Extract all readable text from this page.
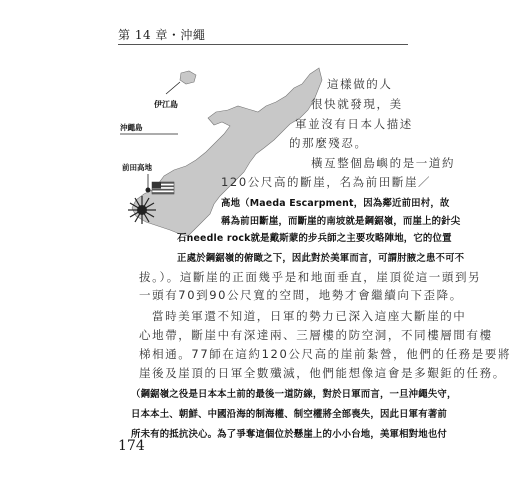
第 14 章・沖繩
伊江島
沖繩島
前田高地
這樣做的人
很快就發現，美
軍並沒有日本人描述
的那麼殘忍。
橫亙整個島嶼的是一道約
120公尺高的斷崖，名為前田斷崖／
高地（Maeda Escarpment，因為鄰近前田村，故
稱為前田斷崖，而斷崖的南坡就是鋼鋸嶺，而崖上的針尖
石needle rock就是戴斯蒙的步兵師之主要攻略陣地，它的位置
正處於鋼鋸嶺的俯瞰之下，因此對於美軍而言，可謂肘腋之患不可不
拔。）。這斷崖的正面幾乎是和地面垂直，崖頂從這一頭到另
一頭有70到90公尺寬的空間，地勢才會繼續向下歪降。
當時美軍還不知道，日軍的勢力已深入這座大斷崖的中
心地帶，斷崖中有深達兩、三層樓的防空洞，不同樓層間有樓
梯相通。77師在這約120公尺高的崖前紮營，他們的任務是要將
崖後及崖頂的日軍全數殲滅，他們能想像這會是多艱鉅的任務。
（鋼鋸嶺之役是日本本土前的最後一道防線，對於日軍而言，一旦沖繩失守，
日本本土、朝鮮、中國沿海的制海權、制空權將全部喪失，因此日軍有著前
所未有的抵抗決心。為了爭奪這個位於懸崖上的小小台地，美軍相對地也付
174
